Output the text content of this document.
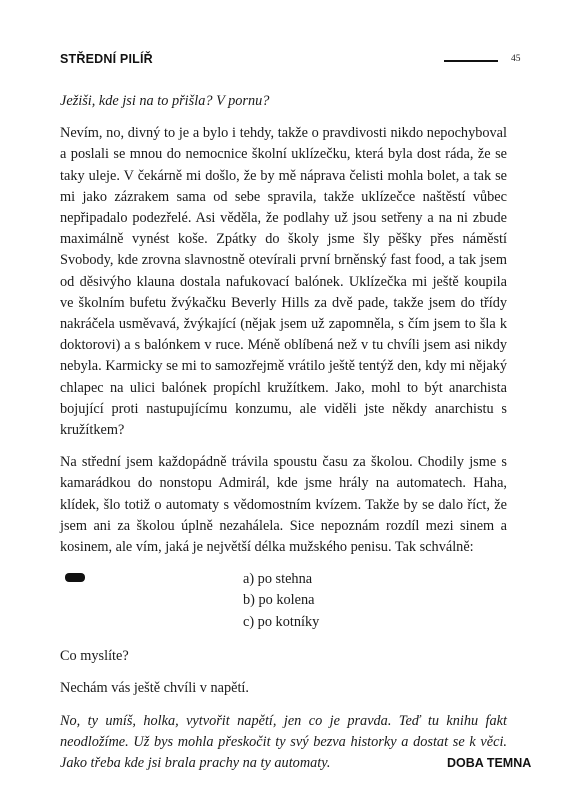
STŘEDNÍ PILÍŘ	45

Ježiši, kde jsi na to přišla? V pornu?

Nevím, no, divný to je a bylo i tehdy, takže o pravdivosti nikdo nepochyboval a poslali se mnou do nemocnice školní uklízečku, která byla dost ráda, že se taky uleje. V čekárně mi došlo, že by mě náprava čelisti mohla bolet, a tak se mi jako zázrakem sama od sebe spravila, takže uklízečce naštěstí vůbec nepřipadalo podezřelé. Asi věděla, že podlahy už jsou setřeny a na ni zbude maximálně vynést koše. Zpátky do školy jsme šly pěšky přes náměstí Svobody, kde zrovna slavnostně otevírali první brněnský fast food, a tak jsem od děsivýho klauna dostala nafukovací balónek. Uklízečka mi ještě koupila ve školním bufetu žvýkačku Beverly Hills za dvě pade, takže jsem do třídy nakráčela usměvavá, žvýkající (nějak jsem už zapomněla, s čím jsem to šla k doktorovi) a s balónkem v ruce. Méně oblíbená než v tu chvíli jsem asi nikdy nebyla. Karmicky se mi to samozřejmě vrátilo ještě tentýž den, kdy mi nějaký chlapec na ulici balónek propíchl kružítkem. Jako, mohl to být anarchista bojující proti nastupujícímu konzumu, ale viděli jste někdy anarchistu s kružítkem?

Na střední jsem každopádně trávila spoustu času za školou. Chodily jsme s kamarádkou do nonstopu Admirál, kde jsme hrály na automatech. Haha, klídek, šlo totiž o automaty s vědomostním kvízem. Takže by se dalo říct, že jsem ani za školou úplně nezahálela. Sice nepoznám rozdíl mezi sinem a kosinem, ale vím, jaká je největší délka mužského penisu. Tak schválně:

a) po stehna
b) po kolena
c) po kotníky

Co myslíte?

Nechám vás ještě chvíli v napětí.

No, ty umíš, holka, vytvořit napětí, jen co je pravda. Teď tu knihu fakt neodložíme. Už bys mohla přeskočit ty svý bezva historky a dostat se k věci. Jako třeba kde jsi brala prachy na ty automaty.	DOBA TEMNA
